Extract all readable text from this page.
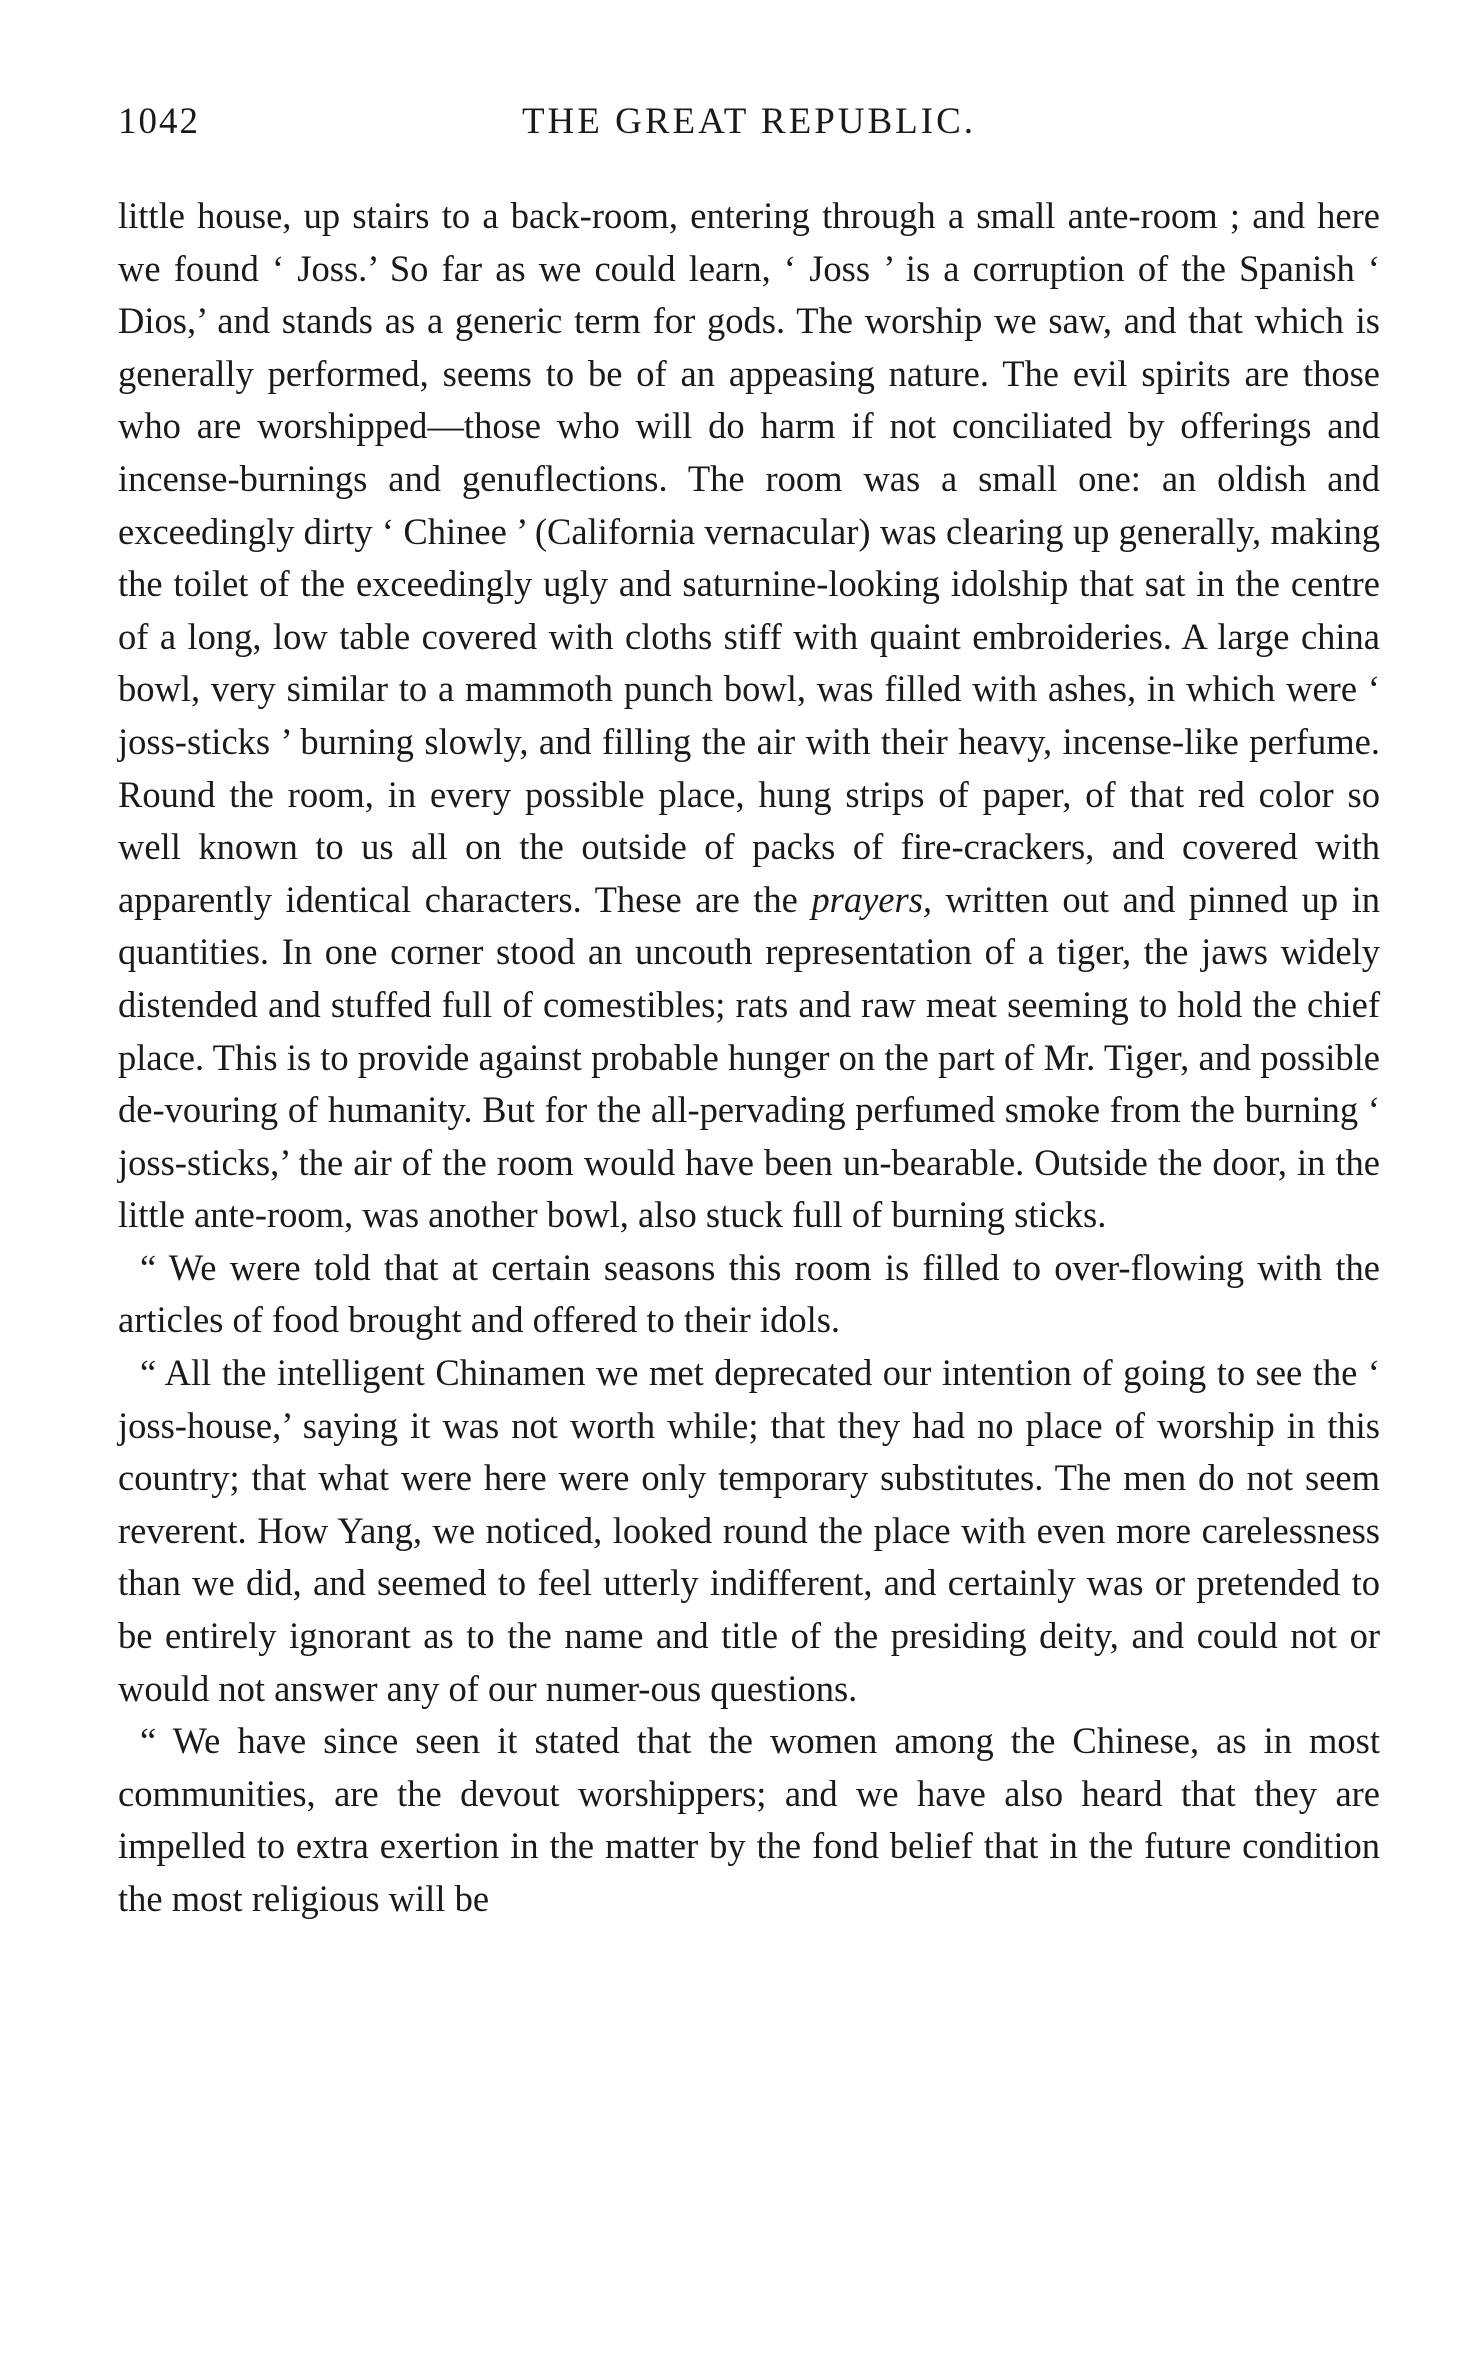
1042	THE GREAT REPUBLIC.

little house, up stairs to a back-room, entering through a small ante-room ; and here we found ‘ Joss.’ So far as we could learn, ‘ Joss ’ is a corruption of the Spanish ‘ Dios,’ and stands as a generic term for gods. The worship we saw, and that which is generally performed, seems to be of an appeasing nature. The evil spirits are those who are worshipped—those who will do harm if not conciliated by offerings and incense-burnings and genuflections. The room was a small one: an oldish and exceedingly dirty ‘ Chinee ’ (California vernacular) was clearing up generally, making the toilet of the exceedingly ugly and saturnine-looking idolship that sat in the centre of a long, low table covered with cloths stiff with quaint embroideries. A large china bowl, very similar to a mammoth punch bowl, was filled with ashes, in which were ‘ joss-sticks ’ burning slowly, and filling the air with their heavy, incense-like perfume. Round the room, in every possible place, hung strips of paper, of that red color so well known to us all on the outside of packs of fire-crackers, and covered with apparently identical characters. These are the prayers, written out and pinned up in quantities. In one corner stood an uncouth representation of a tiger, the jaws widely distended and stuffed full of comestibles; rats and raw meat seeming to hold the chief place. This is to provide against probable hunger on the part of Mr. Tiger, and possible de-vouring of humanity. But for the all-pervading perfumed smoke from the burning ‘ joss-sticks,’ the air of the room would have been un-bearable. Outside the door, in the little ante-room, was another bowl, also stuck full of burning sticks.

“ We were told that at certain seasons this room is filled to over-flowing with the articles of food brought and offered to their idols.

“ All the intelligent Chinamen we met deprecated our intention of going to see the ‘ joss-house,’ saying it was not worth while; that they had no place of worship in this country; that what were here were only temporary substitutes. The men do not seem reverent. How Yang, we noticed, looked round the place with even more carelessness than we did, and seemed to feel utterly indifferent, and certainly was or pretended to be entirely ignorant as to the name and title of the presiding deity, and could not or would not answer any of our numer-ous questions.

“ We have since seen it stated that the women among the Chinese, as in most communities, are the devout worshippers; and we have also heard that they are impelled to extra exertion in the matter by the fond belief that in the future condition the most religious will be
